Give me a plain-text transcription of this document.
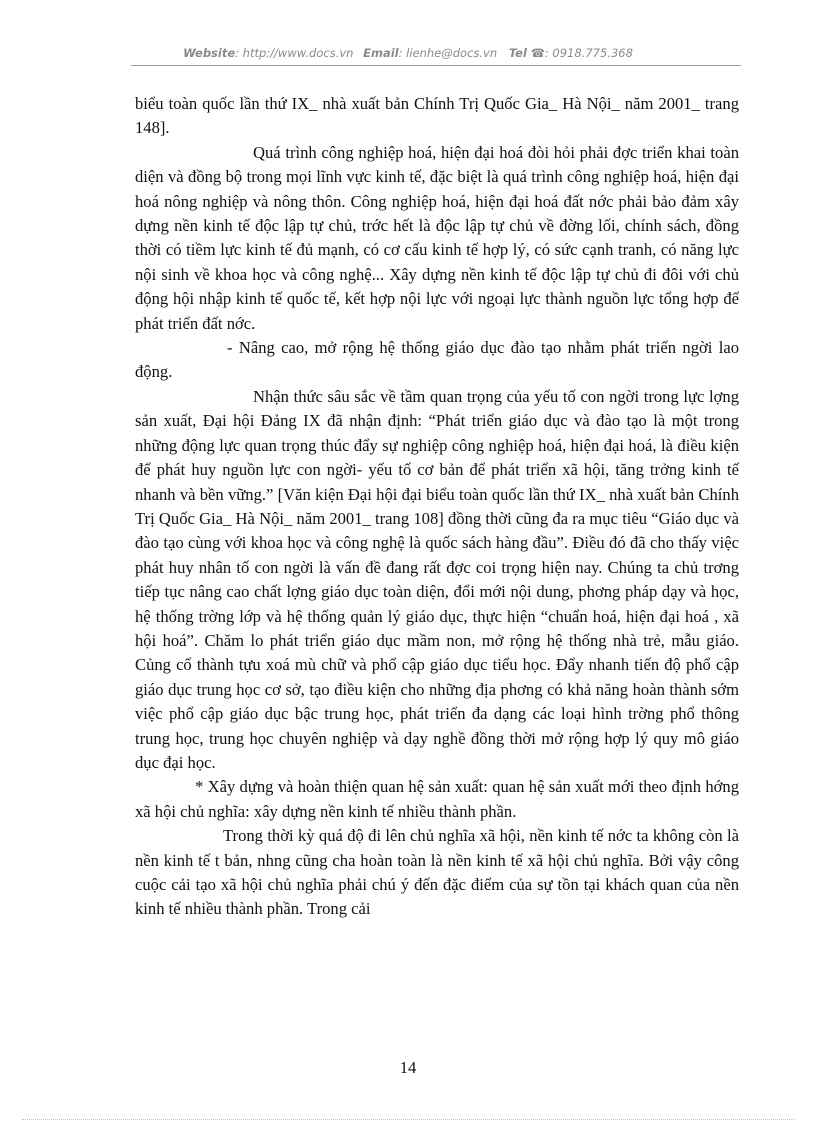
Website: http://www.docs.vn Email: lienhe@docs.vn Tel ☎: 0918.775.368

biểu toàn quốc lần thứ IX_ nhà xuất bản Chính Trị Quốc Gia_ Hà Nội_ năm 2001_ trang 148].

Quá trình công nghiệp hoá, hiện đại hoá đòi hỏi phải đợc triển khai toàn diện và đồng bộ trong mọi lĩnh vực kinh tế, đặc biệt là quá trình công nghiệp hoá, hiện đại hoá nông nghiệp và nông thôn. Công nghiệp hoá, hiện đại hoá đất nớc phải bảo đảm xây dựng nền kinh tế độc lập tự chủ, trớc hết là độc lập tự chủ về đờng lối, chính sách, đồng thời có tiềm lực kinh tế đủ mạnh, có cơ cấu kinh tế hợp lý, có sức cạnh tranh, có năng lực nội sinh về khoa học và công nghệ... Xây dựng nền kinh tế độc lập tự chủ đi đôi với chủ động hội nhập kinh tế quốc tế, kết hợp nội lực với ngoại lực thành nguồn lực tổng hợp để phát triển đất nớc.

- Nâng cao, mở rộng hệ thống giáo dục đào tạo nhằm phát triển ngời lao động.

Nhận thức sâu sắc về tầm quan trọng của yếu tố con ngời trong lực lợng sản xuất, Đại hội Đảng IX đã nhận định: “Phát triển giáo dục và đào tạo là một trong những động lực quan trọng thúc đẩy sự nghiệp công nghiệp hoá, hiện đại hoá, là điều kiện để phát huy nguồn lực con ngời- yếu tố cơ bản để phát triển xã hội, tăng trởng kinh tế nhanh và bền vững.” [Văn kiện Đại hội đại biểu toàn quốc lần thứ IX_ nhà xuất bản Chính Trị Quốc Gia_ Hà Nội_ năm 2001_ trang 108] đồng thời cũng đa ra mục tiêu “Giáo dục và đào tạo cùng với khoa học và công nghệ là quốc sách hàng đầu”. Điều đó đã cho thấy việc phát huy nhân tố con ngời là vấn đề đang rất đợc coi trọng hiện nay. Chúng ta chủ trơng tiếp tục nâng cao chất lợng giáo dục toàn diện, đổi mới nội dung, phơng pháp dạy và học, hệ thống trờng lớp và hệ thống quản lý giáo dục, thực hiện “chuẩn hoá, hiện đại hoá , xã hội hoá”. Chăm lo phát triển giáo dục mầm non, mở rộng hệ thống nhà trẻ, mẫu giáo. Củng cố thành tựu xoá mù chữ và phổ cập giáo dục tiểu học. Đẩy nhanh tiến độ phổ cập giáo dục trung học cơ sở, tạo điều kiện cho những địa phơng có khả năng hoàn thành sớm việc phổ cập giáo dục bậc trung học, phát triển đa dạng các loại hình trờng phổ thông trung học, trung học chuyên nghiệp và dạy nghề đồng thời mở rộng hợp lý quy mô giáo dục đại học.

* Xây dựng và hoàn thiện quan hệ sản xuất: quan hệ sản xuất mới theo định hớng xã hội chủ nghĩa: xây dựng nền kinh tế nhiều thành phần.

Trong thời kỳ quá độ đi lên chủ nghĩa xã hội, nền kinh tế nớc ta không còn là nền kinh tế t bản, nhng cũng cha hoàn toàn là nền kinh tế xã hội chủ nghĩa. Bởi vậy công cuộc cải tạo xã hội chủ nghĩa phải chú ý đến đặc điểm của sự tồn tại khách quan của nền kinh tế nhiều thành phần. Trong cải

14
